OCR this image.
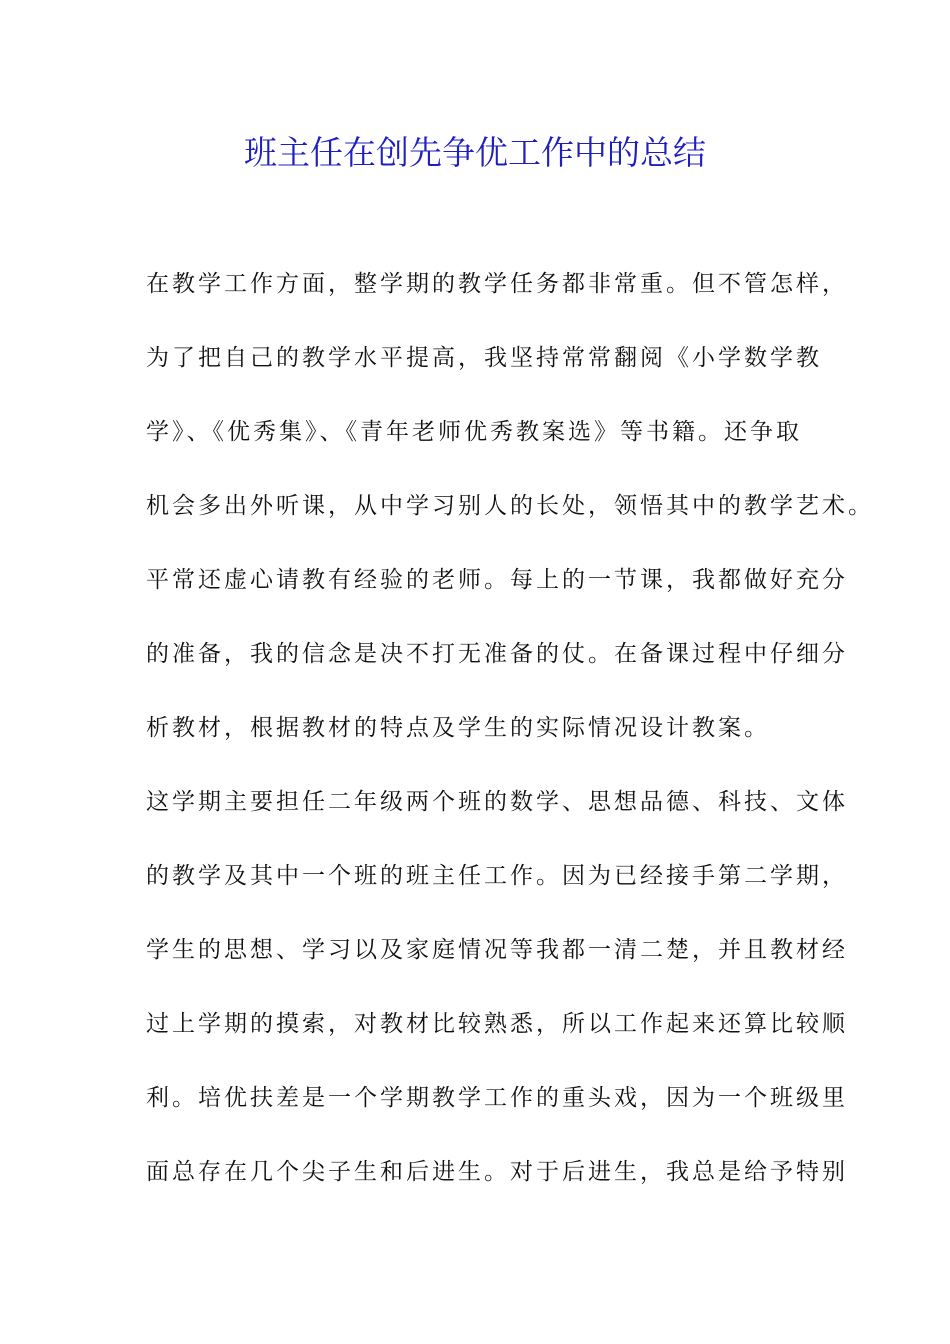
班主任在创先争优工作中的总结
在教学工作方面，整学期的教学任务都非常重。但不管怎样，
为了把自己的教学水平提高，我坚持常常翻阅《小学数学教
学》、《优秀集》、《青年老师优秀教案选》等书籍。还争取
机会多出外听课，从中学习别人的长处，领悟其中的教学艺术。
平常还虚心请教有经验的老师。每上的一节课，我都做好充分
的准备，我的信念是决不打无准备的仗。在备课过程中仔细分
析教材，根据教材的特点及学生的实际情况设计教案。
这学期主要担任二年级两个班的数学、思想品德、科技、文体
的教学及其中一个班的班主任工作。因为已经接手第二学期，
学生的思想、学习以及家庭情况等我都一清二楚，并且教材经
过上学期的摸索，对教材比较熟悉，所以工作起来还算比较顺
利。培优扶差是一个学期教学工作的重头戏，因为一个班级里
面总存在几个尖子生和后进生。对于后进生，我总是给予特别
